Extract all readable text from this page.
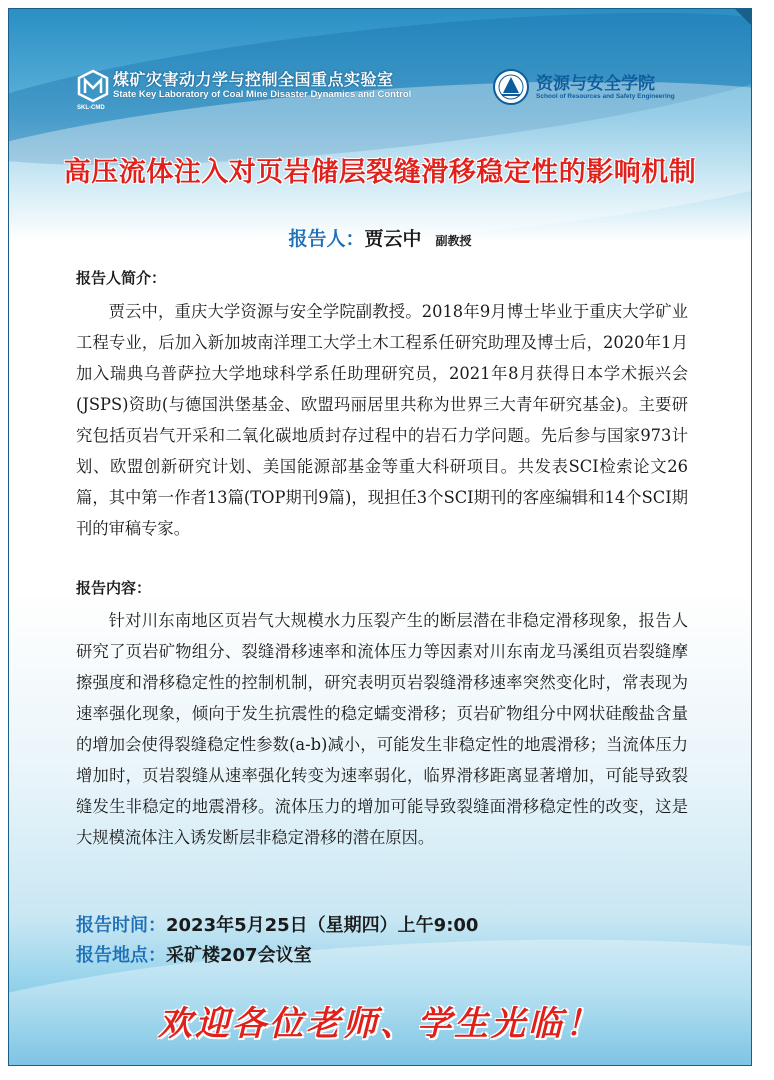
SKL-CMD
煤矿灾害动力学与控制全国重点实验室
State Key Laboratory of Coal Mine Disaster Dynamics and Control
资源与安全学院
School of Resources and Safety Engineering
高压流体注入对页岩储层裂缝滑移稳定性的影响机制
报告人：贾云中 副教授
报告人简介：

贾云中，重庆大学资源与安全学院副教授。2018年9月博士毕业于重庆大学矿业工程专业，后加入新加坡南洋理工大学土木工程系任研究助理及博士后，2020年1月加入瑞典乌普萨拉大学地球科学系任助理研究员，2021年8月获得日本学术振兴会 (JSPS)资助(与德国洪堡基金、欧盟玛丽居里共称为世界三大青年研究基金)。主要研究包括页岩气开采和二氧化碳地质封存过程中的岩石力学问题。先后参与国家973计划、欧盟创新研究计划、美国能源部基金等重大科研项目。共发表SCI检索论文26篇，其中第一作者13篇(TOP期刊9篇)，现担任3个SCI期刊的客座编辑和14个SCI期刊的审稿专家。

报告内容：

针对川东南地区页岩气大规模水力压裂产生的断层潜在非稳定滑移现象，报告人研究了页岩矿物组分、裂缝滑移速率和流体压力等因素对川东南龙马溪组页岩裂缝摩擦强度和滑移稳定性的控制机制，研究表明页岩裂缝滑移速率突然变化时，常表现为速率强化现象，倾向于发生抗震性的稳定蠕变滑移；页岩矿物组分中网状硅酸盐含量的增加会使得裂缝稳定性参数(a-b)减小，可能发生非稳定性的地震滑移；当流体压力增加时，页岩裂缝从速率强化转变为速率弱化，临界滑移距离显著增加，可能导致裂缝发生非稳定的地震滑移。流体压力的增加可能导致裂缝面滑移稳定性的改变，这是大规模流体注入诱发断层非稳定滑移的潜在原因。

报告时间：2023年5月25日（星期四）上午9:00
报告地点：采矿楼207会议室
欢迎各位老师、学生光临！
